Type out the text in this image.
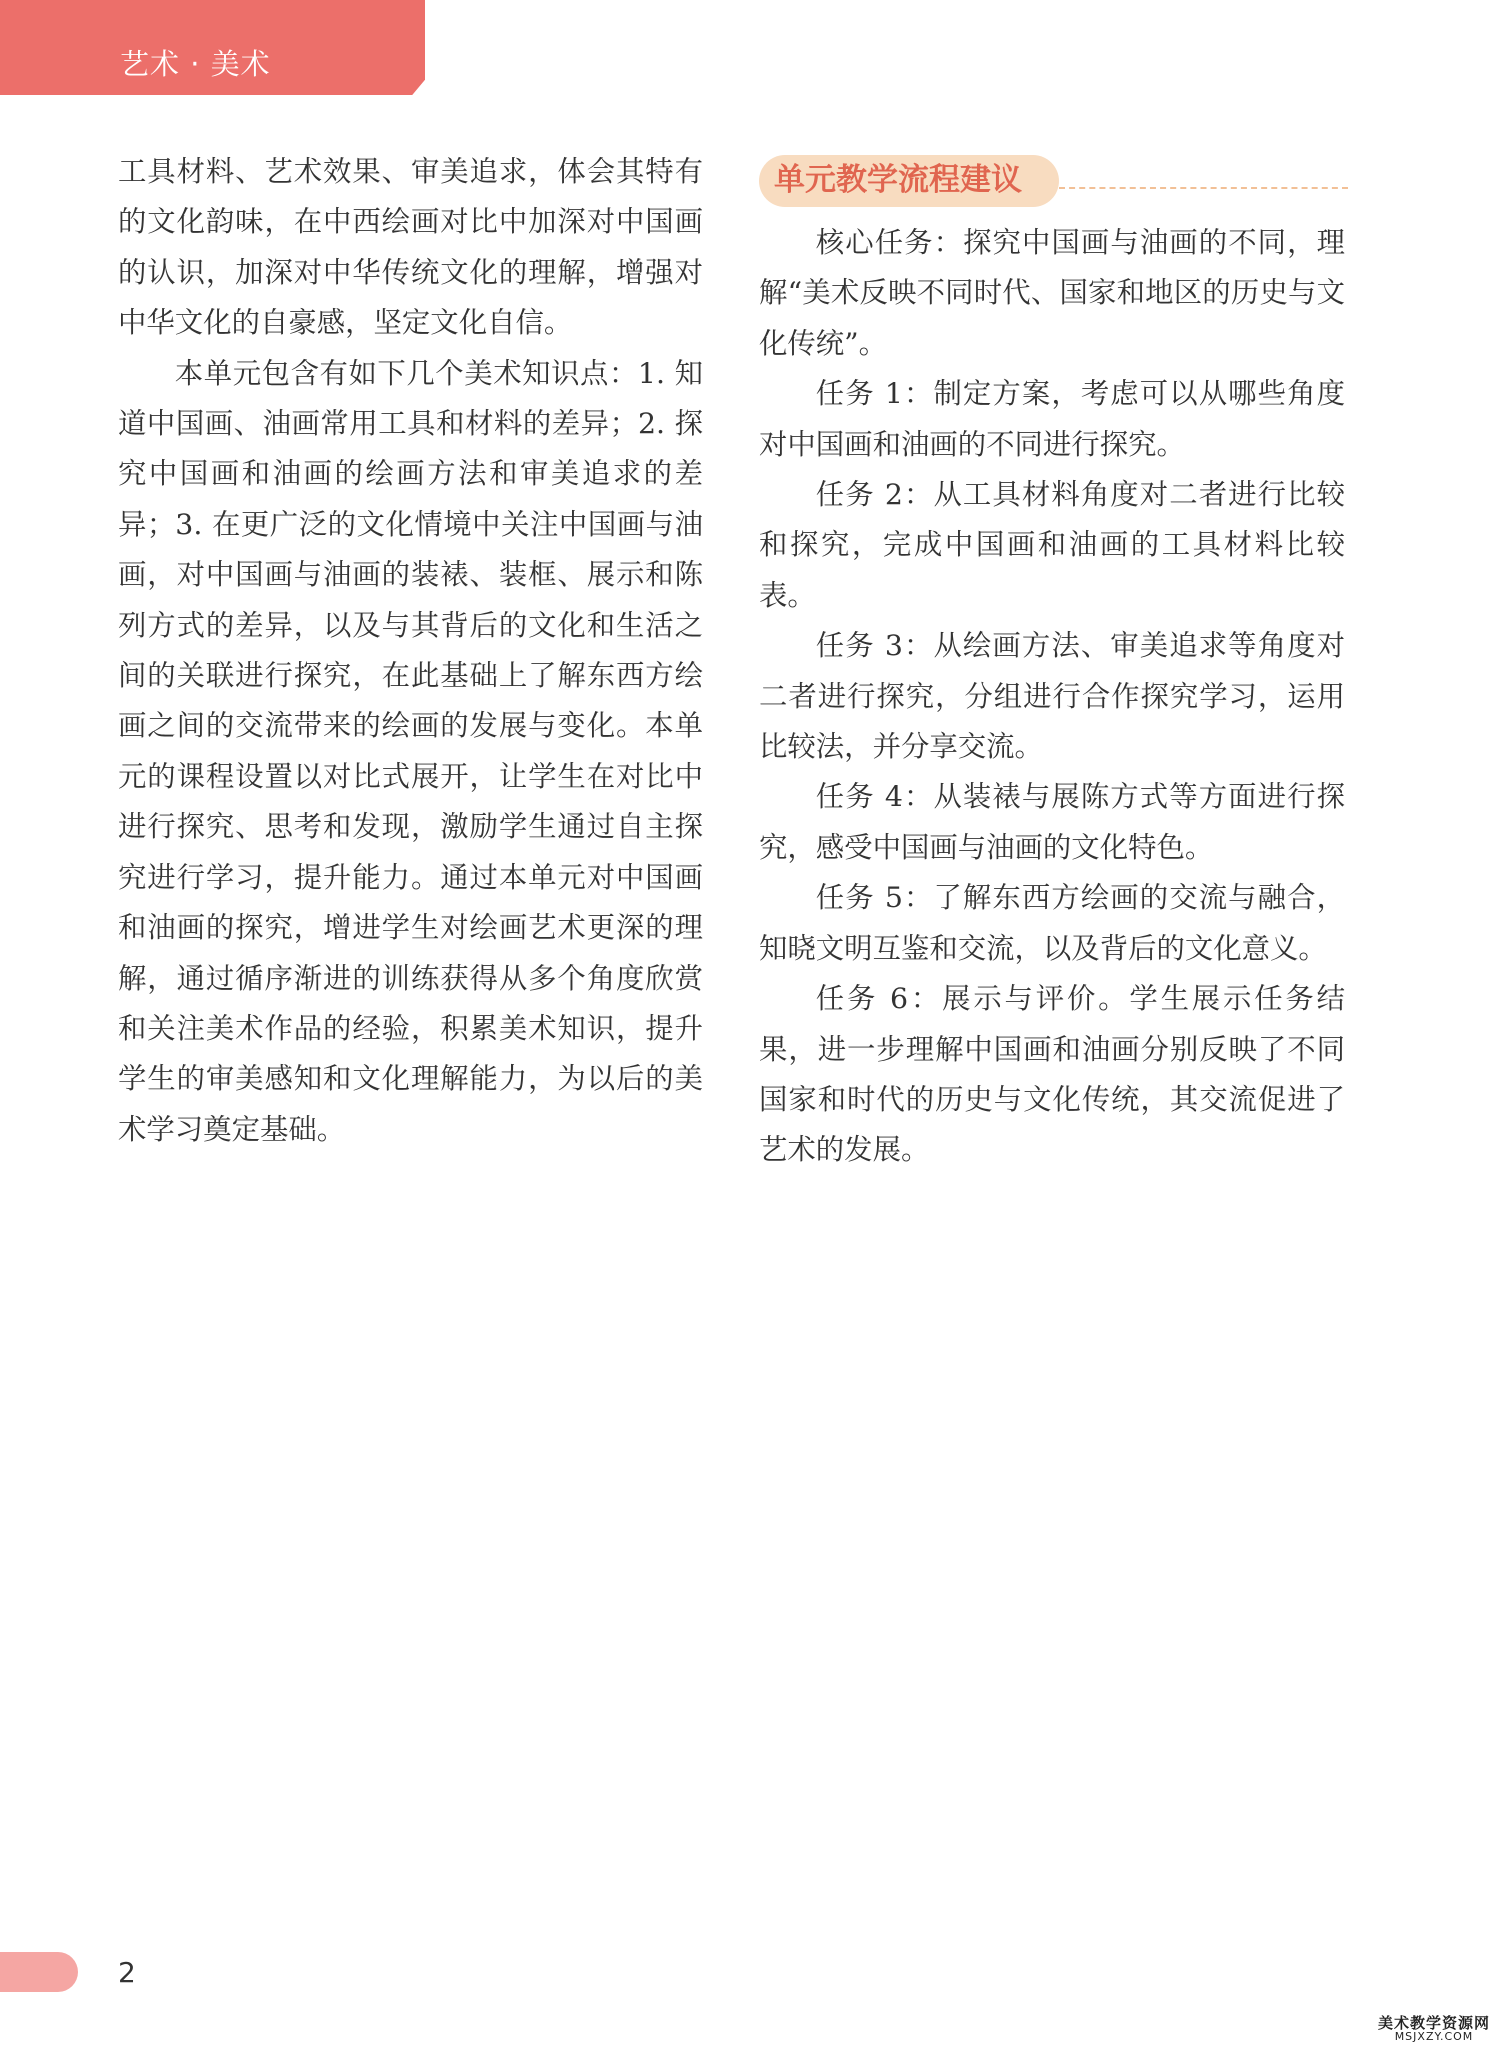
艺术 · 美术

工具材料、艺术效果、审美追求，体会其特有的文化韵味，在中西绘画对比中加深对中国画的认识，加深对中华传统文化的理解，增强对中华文化的自豪感，坚定文化自信。

本单元包含有如下几个美术知识点：1. 知道中国画、油画常用工具和材料的差异；2. 探究中国画和油画的绘画方法和审美追求的差异；3. 在更广泛的文化情境中关注中国画与油画，对中国画与油画的装裱、装框、展示和陈列方式的差异，以及与其背后的文化和生活之间的关联进行探究，在此基础上了解东西方绘画之间的交流带来的绘画的发展与变化。本单元的课程设置以对比式展开，让学生在对比中进行探究、思考和发现，激励学生通过自主探究进行学习，提升能力。通过本单元对中国画和油画的探究，增进学生对绘画艺术更深的理解，通过循序渐进的训练获得从多个角度欣赏和关注美术作品的经验，积累美术知识，提升学生的审美感知和文化理解能力，为以后的美术学习奠定基础。

单元教学流程建议

核心任务：探究中国画与油画的不同，理解“美术反映不同时代、国家和地区的历史与文化传统”。

任务 1：制定方案，考虑可以从哪些角度对中国画和油画的不同进行探究。

任务 2：从工具材料角度对二者进行比较和探究，完成中国画和油画的工具材料比较表。

任务 3：从绘画方法、审美追求等角度对二者进行探究，分组进行合作探究学习，运用比较法，并分享交流。

任务 4：从装裱与展陈方式等方面进行探究，感受中国画与油画的文化特色。

任务 5：了解东西方绘画的交流与融合，知晓文明互鉴和交流，以及背后的文化意义。

任务 6：展示与评价。学生展示任务结果，进一步理解中国画和油画分别反映了不同国家和时代的历史与文化传统，其交流促进了艺术的发展。

2
美术教学资源网
MSJXZY.COM
